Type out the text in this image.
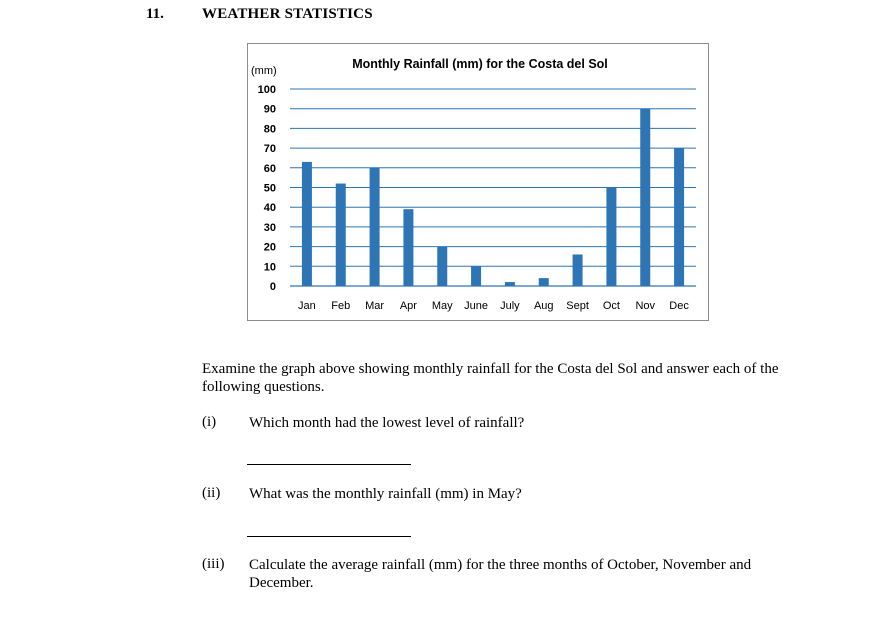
11.	WEATHER STATISTICS
Monthly Rainfall (mm) for the Costa del Sol
(mm)
0
10
20
30
40
50
60
70
80
90
100
Jan Feb Mar Apr May June July Aug Sept Oct Nov Dec
Examine the graph above showing monthly rainfall for the Costa del Sol and answer each of the following questions.
(i) Which month had the lowest level of rainfall?
(ii) What was the monthly rainfall (mm) in May?
(iii) Calculate the average rainfall (mm) for the three months of October, November and December.
